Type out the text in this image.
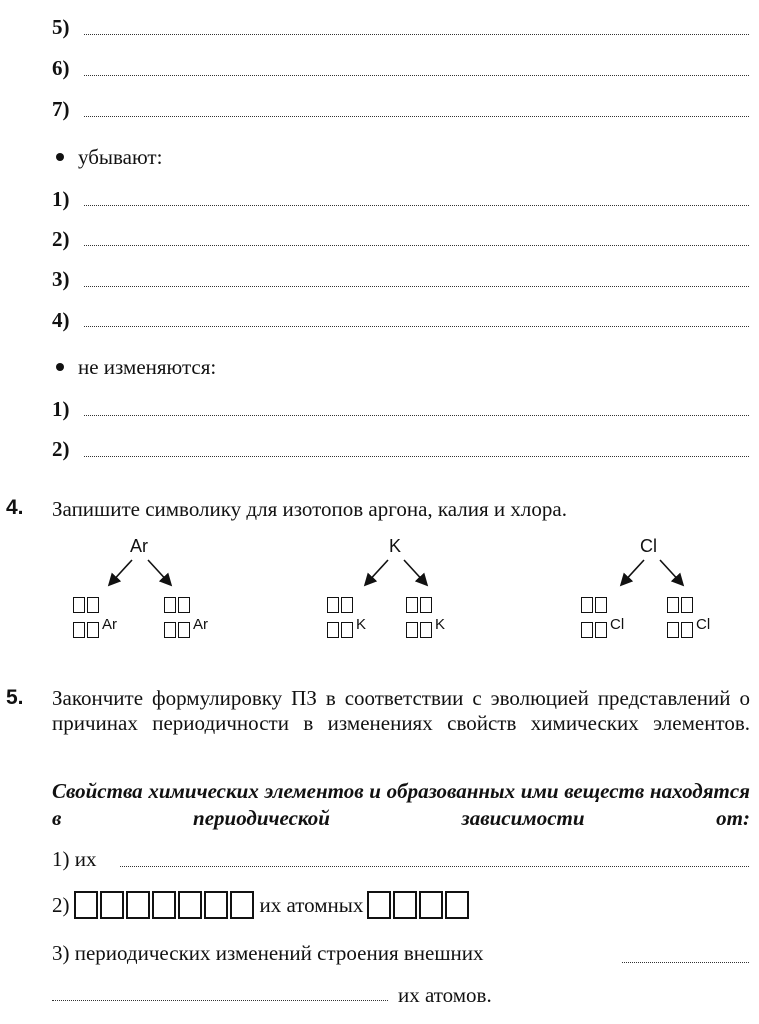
5)
6)
7)
убывают:
1)
2)
3)
4)
не изменяются:
1)
2)
4. Запишите символику для изотопов аргона, калия и хлора.
Ar
Ar	Ar
K
K	K
Cl
Cl	Cl
5. Закончите формулировку ПЗ в соответствии с эволюцией представлений о причинах периодичности в изменениях свойств химических элементов.
Свойства химических элементов и образованных ими веществ находятся в периодической зависимости от:
1) их
2)	их атомных
3) периодических изменений строения внешних
их атомов.
